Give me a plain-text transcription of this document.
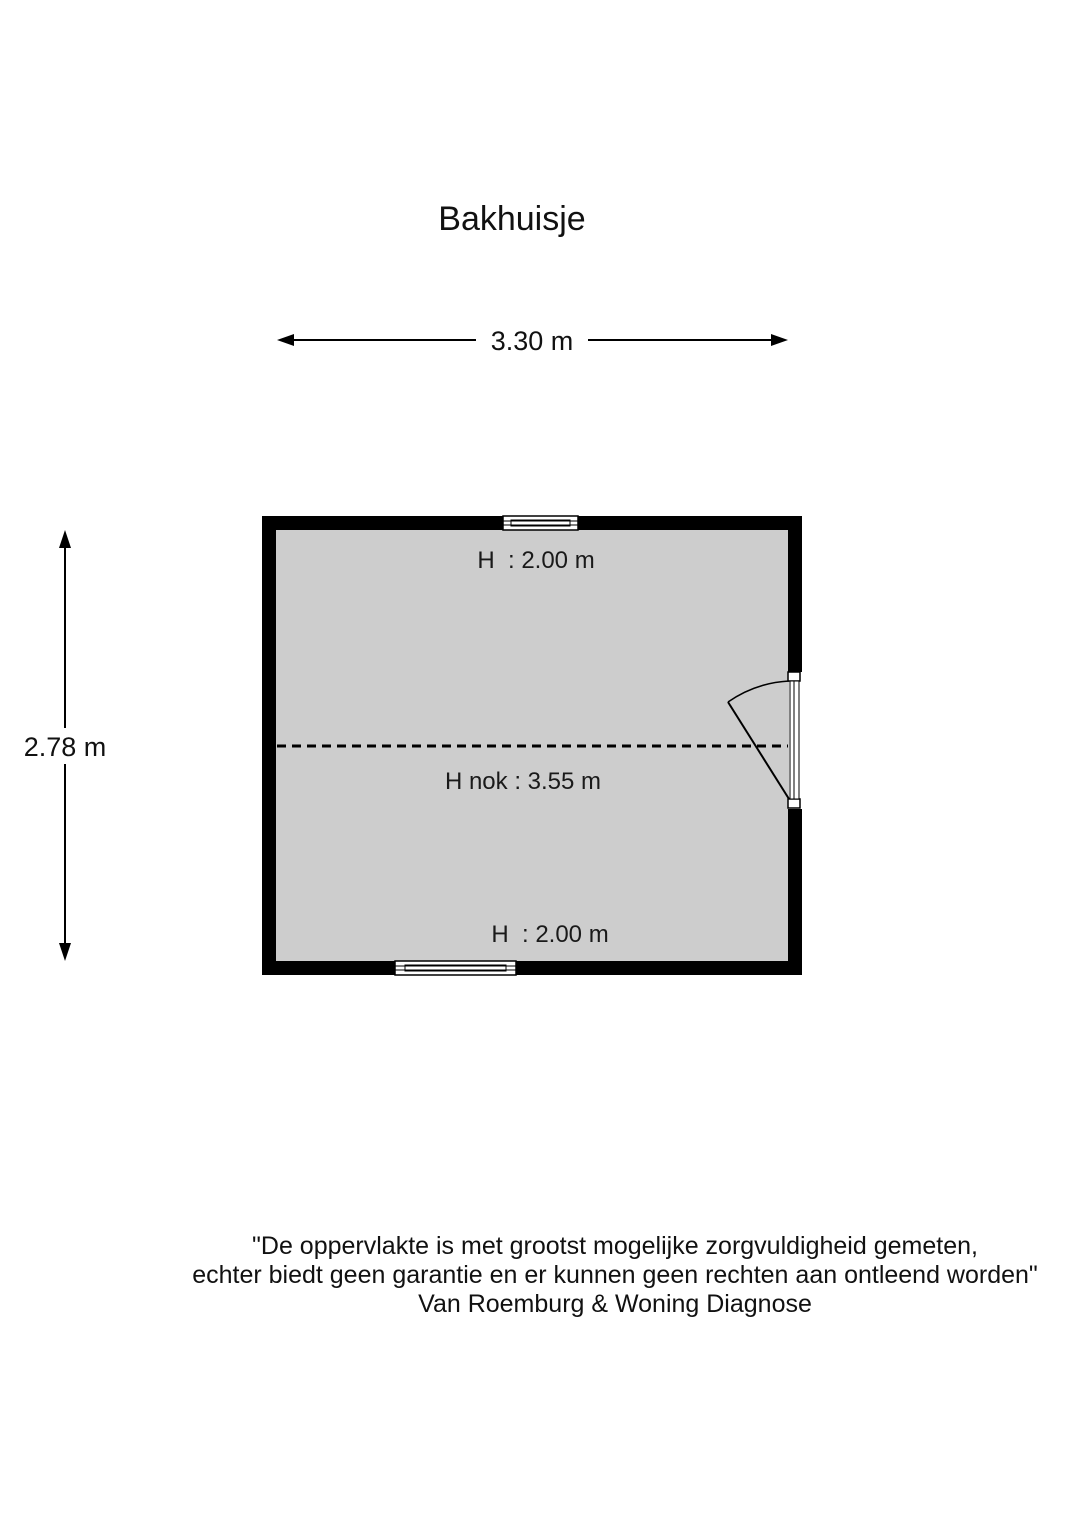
Bakhuisje
3.30 m
2.78 m
H  : 2.00 m
H nok : 3.55 m
H  : 2.00 m
"De oppervlakte is met grootst mogelijke zorgvuldigheid gemeten,
echter biedt geen garantie en er kunnen geen rechten aan ontleend worden"
Van Roemburg & Woning Diagnose
